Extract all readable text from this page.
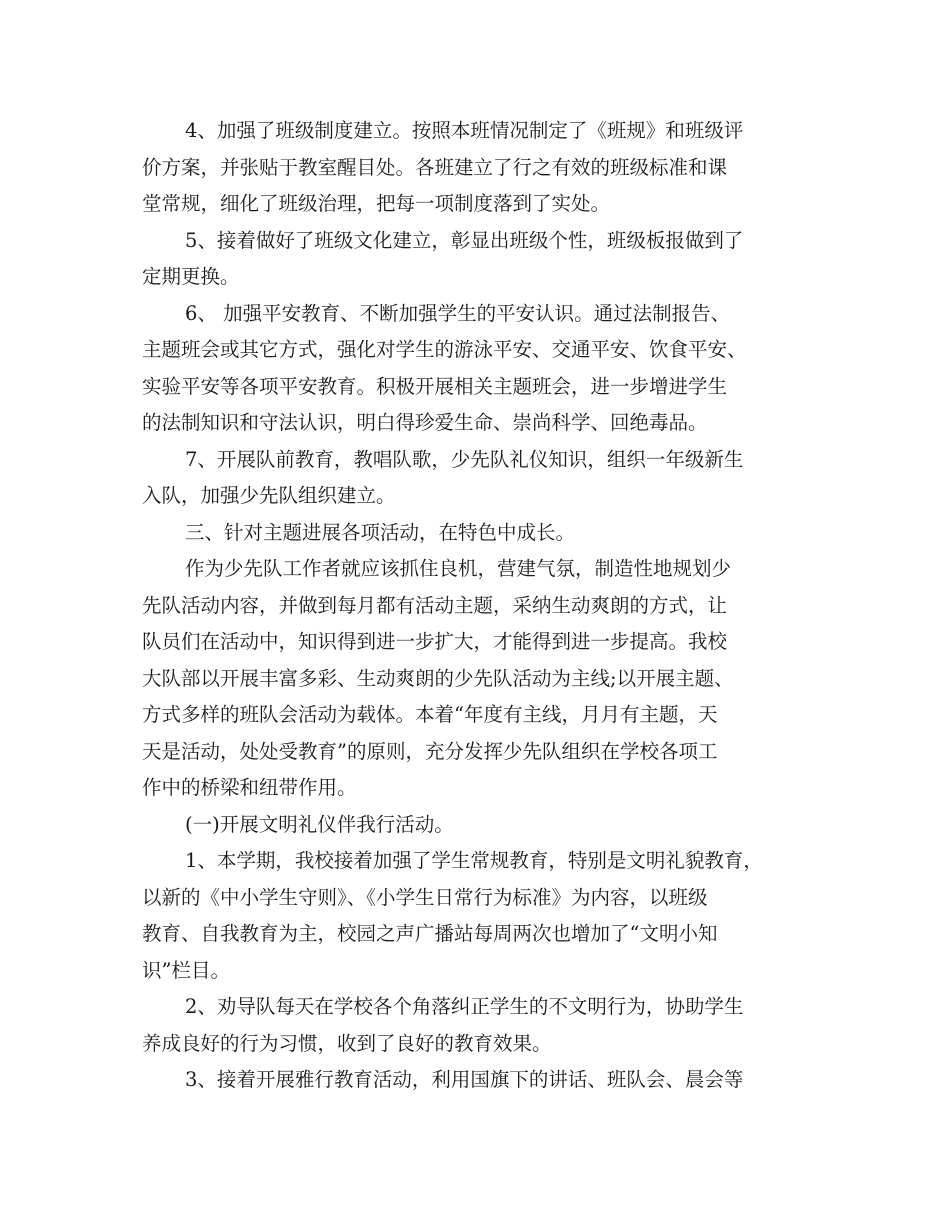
4、加强了班级制度建立。按照本班情况制定了《班规》和班级评
价方案，并张贴于教室醒目处。各班建立了行之有效的班级标准和课
堂常规，细化了班级治理，把每一项制度落到了实处。
5、接着做好了班级文化建立，彰显出班级个性，班级板报做到了
定期更换。
6、 加强平安教育、不断加强学生的平安认识。通过法制报告、
主题班会或其它方式，强化对学生的游泳平安、交通平安、饮食平安、
实验平安等各项平安教育。积极开展相关主题班会，进一步增进学生
的法制知识和守法认识，明白得珍爱生命、崇尚科学、回绝毒品。
7、开展队前教育，教唱队歌，少先队礼仪知识，组织一年级新生
入队，加强少先队组织建立。
三、针对主题进展各项活动，在特色中成长。
作为少先队工作者就应该抓住良机，营建气氛，制造性地规划少
先队活动内容，并做到每月都有活动主题，采纳生动爽朗的方式，让
队员们在活动中，知识得到进一步扩大，才能得到进一步提高。我校
大队部以开展丰富多彩、生动爽朗的少先队活动为主线;以开展主题、
方式多样的班队会活动为载体。本着“年度有主线，月月有主题，天
天是活动，处处受教育”的原则，充分发挥少先队组织在学校各项工
作中的桥梁和纽带作用。
(一)开展文明礼仪伴我行活动。
1、本学期，我校接着加强了学生常规教育，特别是文明礼貌教育，
以新的《中小学生守则》、《小学生日常行为标准》为内容，以班级
教育、自我教育为主，校园之声广播站每周两次也增加了“文明小知
识”栏目。
2、劝导队每天在学校各个角落纠正学生的不文明行为，协助学生
养成良好的行为习惯，收到了良好的教育效果。
3、接着开展雅行教育活动，利用国旗下的讲话、班队会、晨会等
